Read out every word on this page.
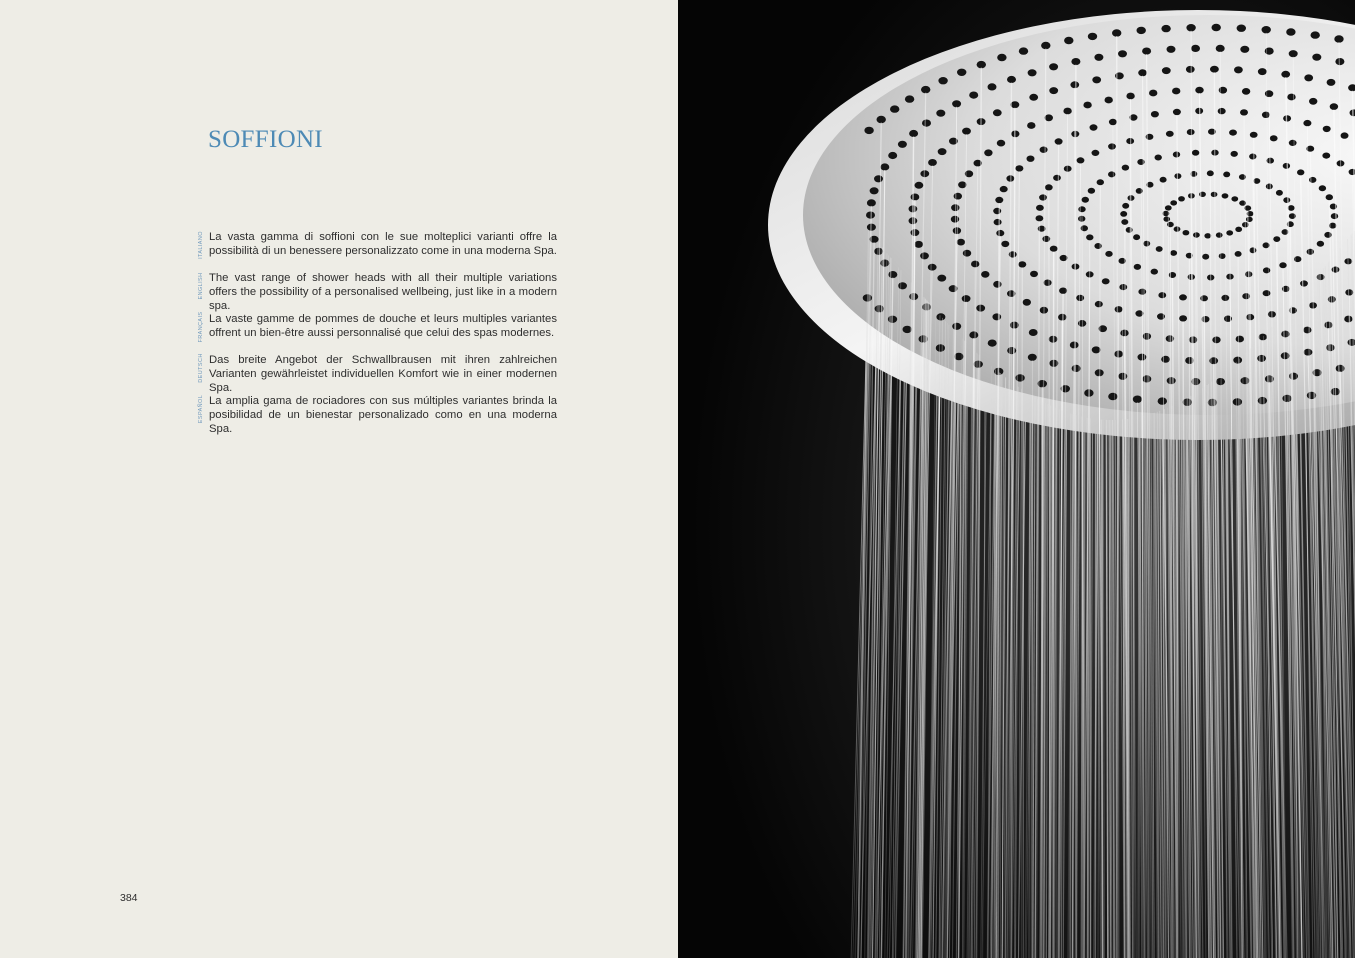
SOFFIONI
ITALIANO La vasta gamma di soffioni con le sue molteplici varianti offre la possibilità di un benessere personalizzato come in una moderna Spa.

ENGLISH The vast range of shower heads with all their multiple variations offers the possibility of a personalised wellbeing, just like in a modern spa.

FRANÇAIS La vaste gamme de pommes de douche et leurs multiples variantes offrent un bien-être aussi personnalisé que celui des spas modernes.

DEUTSCH Das breite Angebot der Schwallbrausen mit ihren zahlreichen Varianten gewährleistet individuellen Komfort wie in einer modernen Spa.

ESPAÑOL La amplia gama de rociadores con sus múltiples variantes brinda la posibilidad de un bienestar personalizado como en una moderna Spa.

384
